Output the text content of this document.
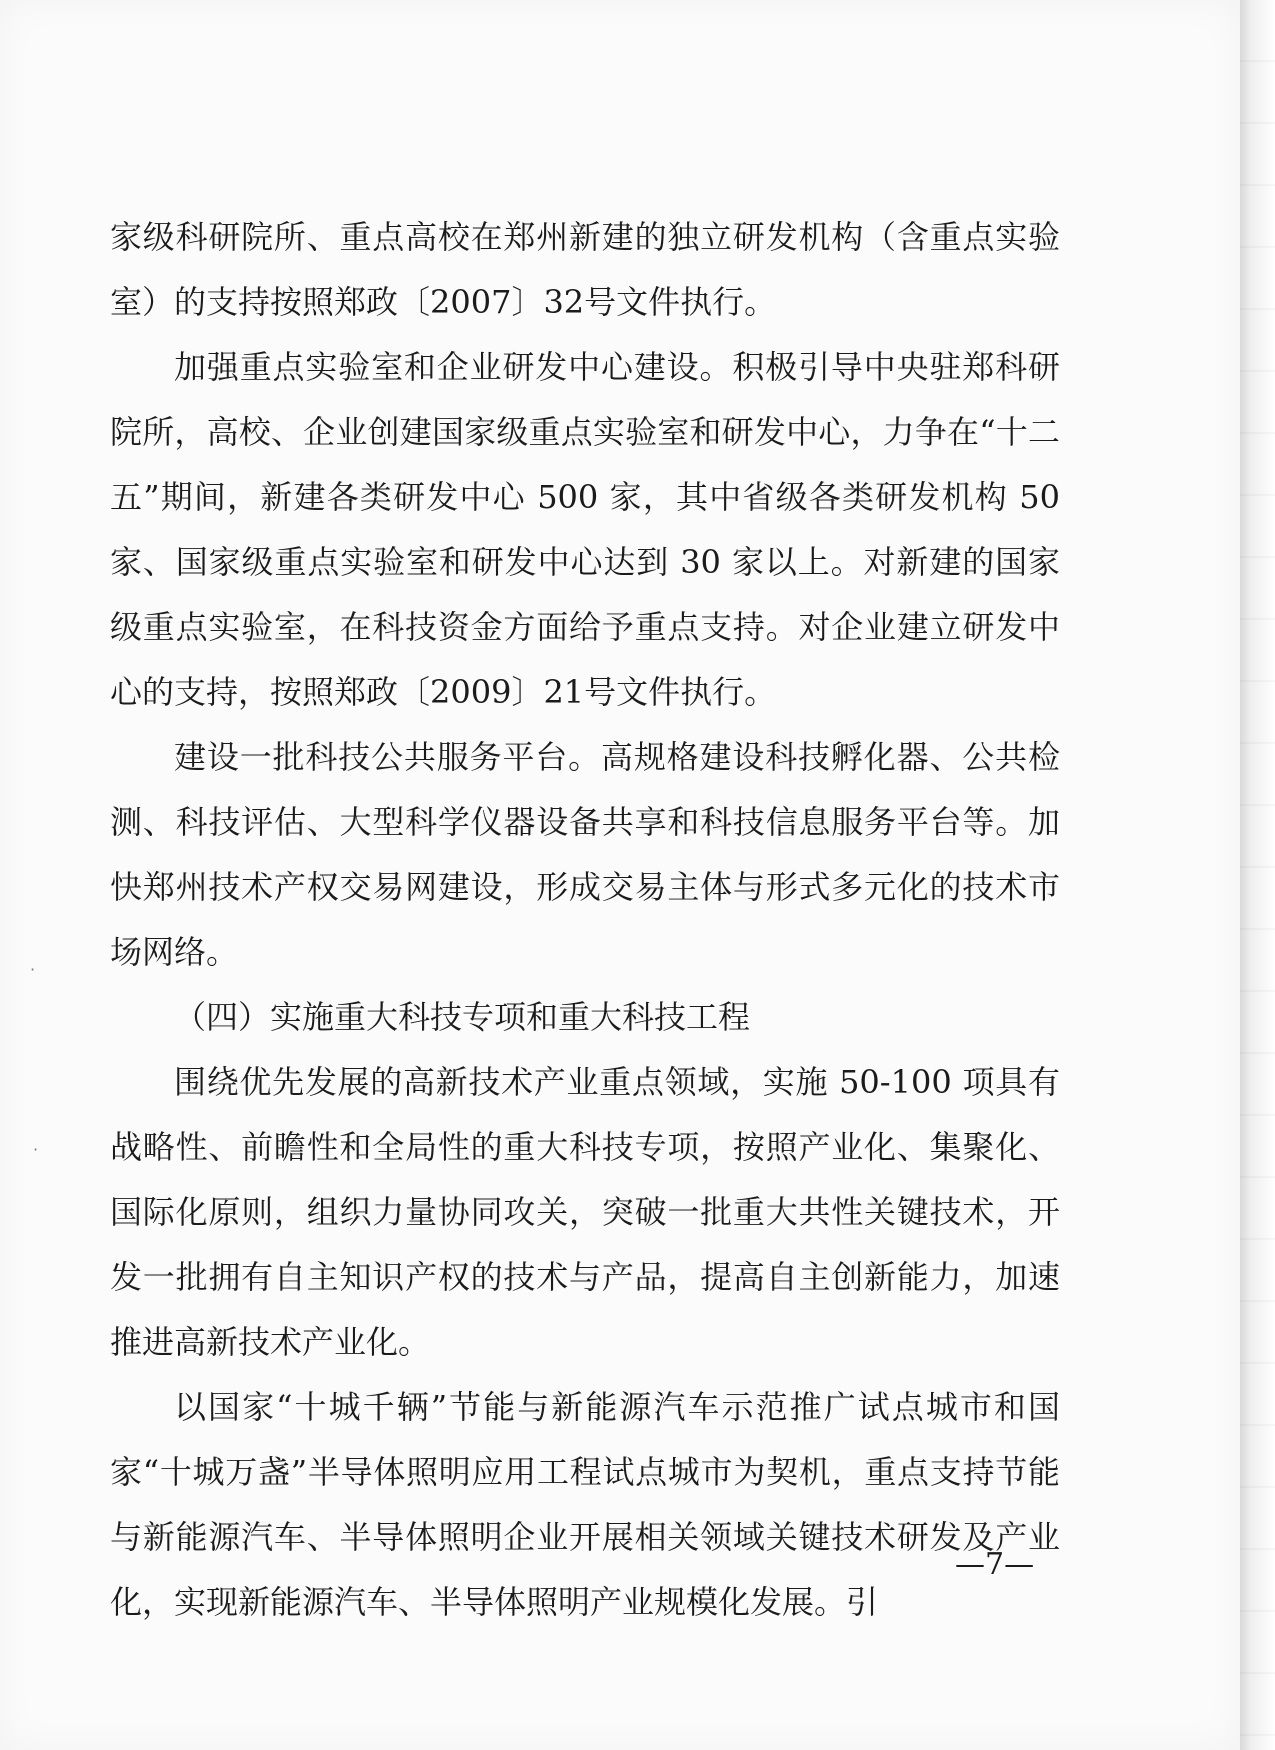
家级科研院所、重点高校在郑州新建的独立研发机构（含重点实验室）的支持按照郑政〔2007〕32号文件执行。

加强重点实验室和企业研发中心建设。积极引导中央驻郑科研院所，高校、企业创建国家级重点实验室和研发中心，力争在“十二五”期间，新建各类研发中心 500 家，其中省级各类研发机构 50 家、国家级重点实验室和研发中心达到 30 家以上。对新建的国家级重点实验室，在科技资金方面给予重点支持。对企业建立研发中心的支持，按照郑政〔2009〕21号文件执行。

建设一批科技公共服务平台。高规格建设科技孵化器、公共检测、科技评估、大型科学仪器设备共享和科技信息服务平台等。加快郑州技术产权交易网建设，形成交易主体与形式多元化的技术市场网络。

（四）实施重大科技专项和重大科技工程

围绕优先发展的高新技术产业重点领域，实施 50-100 项具有战略性、前瞻性和全局性的重大科技专项，按照产业化、集聚化、国际化原则，组织力量协同攻关，突破一批重大共性关键技术，开发一批拥有自主知识产权的技术与产品，提高自主创新能力，加速推进高新技术产业化。

以国家“十城千辆”节能与新能源汽车示范推广试点城市和国家“十城万盏”半导体照明应用工程试点城市为契机，重点支持节能与新能源汽车、半导体照明企业开展相关领域关键技术研发及产业化，实现新能源汽车、半导体照明产业规模化发展。引

—7—
·
·
